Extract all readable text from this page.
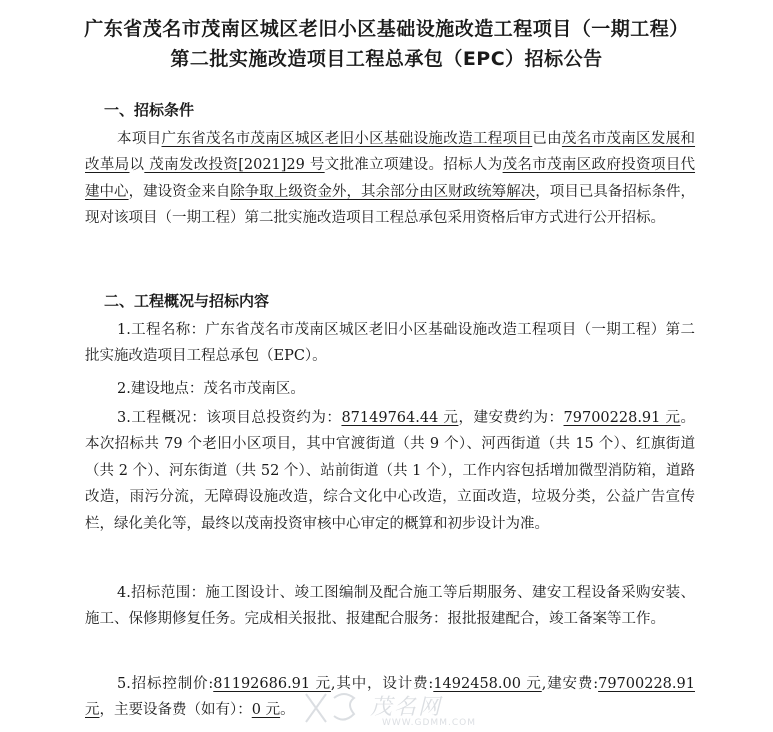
广东省茂名市茂南区城区老旧小区基础设施改造工程项目（一期工程）
第二批实施改造项目工程总承包（EPC）招标公告
一、招标条件

本项目广东省茂名市茂南区城区老旧小区基础设施改造工程项目已由茂名市茂南区发展和改革局以 茂南发改投资[2021]29 号文批准立项建设。招标人为茂名市茂南区政府投资项目代建中心，建设资金来自除争取上级资金外，其余部分由区财政统筹解决，项目已具备招标条件，现对该项目（一期工程）第二批实施改造项目工程总承包采用资格后审方式进行公开招标。

二、工程概况与招标内容

1.工程名称：广东省茂名市茂南区城区老旧小区基础设施改造工程项目（一期工程）第二批实施改造项目工程总承包（EPC）。

2.建设地点：茂名市茂南区。

3.工程概况：该项目总投资约为：87149764.44 元，建安费约为：79700228.91 元。本次招标共 79 个老旧小区项目，其中官渡街道（共 9 个）、河西街道（共 15 个）、红旗街道（共 2 个）、河东街道（共 52 个）、站前街道（共 1 个），工作内容包括增加微型消防箱，道路改造，雨污分流，无障碍设施改造，综合文化中心改造，立面改造，垃圾分类，公益广告宣传栏，绿化美化等，最终以茂南投资审核中心审定的概算和初步设计为准。

4.招标范围：施工图设计、竣工图编制及配合施工等后期服务、建安工程设备采购安装、施工、保修期修复任务。完成相关报批、报建配合服务：报批报建配合，竣工备案等工作。

5.招标控制价:81192686.91 元,其中，设计费:1492458.00 元,建安费:79700228.91 元，主要设备费（如有）：0 元。	茂名网
WWW.GDMM.COM
